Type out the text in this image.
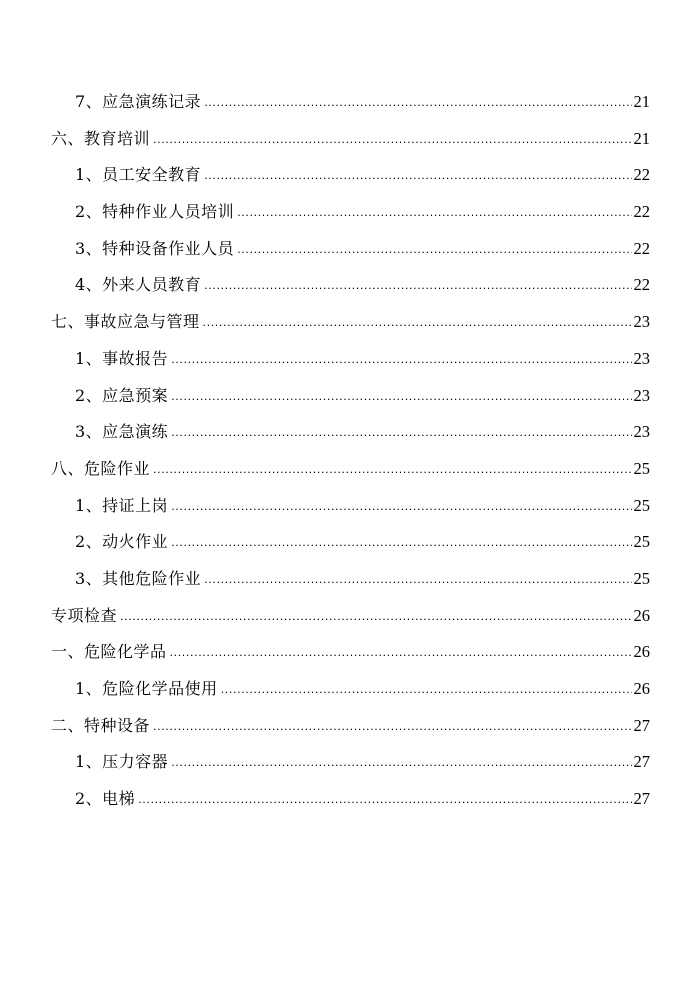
7、应急演练记录 .....	21
六、教育培训 .....	21
1、员工安全教育 .....	22
2、特种作业人员培训 .....	22
3、特种设备作业人员 .....	22
4、外来人员教育 .....	22
七、事故应急与管理 .....	23
1、事故报告 .....	23
2、应急预案 .....	23
3、应急演练 .....	23
八、危险作业 .....	25
1、持证上岗 .....	25
2、动火作业 .....	25
3、其他危险作业 .....	25
专项检查 .....	26
一、危险化学品 .....	26
1、危险化学品使用 .....	26
二、特种设备 .....	27
1、压力容器 .....	27
2、电梯 .....	27
